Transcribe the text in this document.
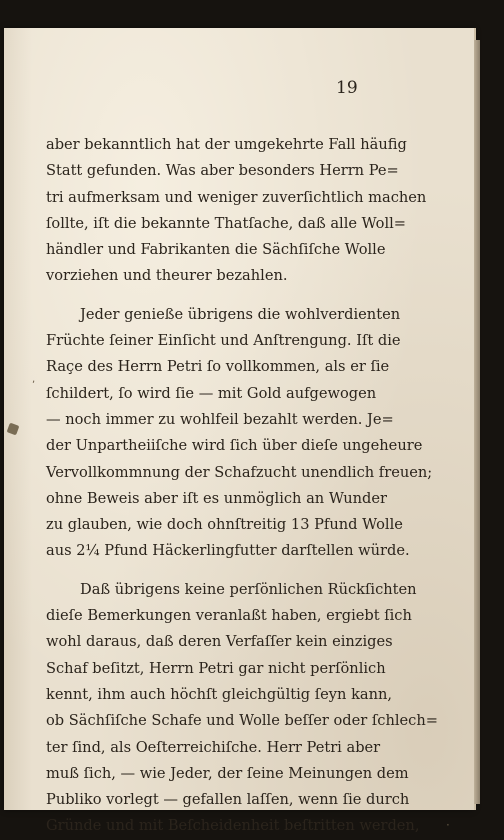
19

aber bekanntlich hat der umgekehrte Fall häufig
Statt gefunden. Was aber besonders Herrn Pe=
tri aufmerksam und weniger zuverſichtlich machen
ſollte, iſt die bekannte Thatſache, daß alle Woll=
händler und Fabrikanten die Sächſiſche Wolle
vorziehen und theurer bezahlen.

Jeder genieße übrigens die wohlverdienten
Früchte ſeiner Einſicht und Anſtrengung. Iſt die
Raçe des Herrn Petri ſo vollkommen, als er ſie
ſchildert, ſo wird ſie — mit Gold aufgewogen
— noch immer zu wohlfeil bezahlt werden. Je=
der Unpartheiiſche wird ſich über dieſe ungeheure
Vervollkommnung der Schafzucht unendlich freuen;
ohne Beweis aber iſt es unmöglich an Wunder
zu glauben, wie doch ohnſtreitig 13 Pfund Wolle
aus 2¼ Pfund Häckerlingfutter darſtellen würde.

Daß übrigens keine perſönlichen Rückſichten
dieſe Bemerkungen veranlaßt haben, ergiebt ſich
wohl daraus, daß deren Verfaſſer kein einziges
Schaf beſitzt, Herrn Petri gar nicht perſönlich
kennt, ihm auch höchſt gleichgültig ſeyn kann,
ob Sächſiſche Schafe und Wolle beſſer oder ſchlech=
ter ſind, als Oeſterreichiſche. Herr Petri aber
muß ſich, — wie Jeder, der ſeine Meinungen dem
Publiko vorlegt — gefallen laſſen, wenn ſie durch
Gründe und mit Beſcheidenheit beſtritten werden,

,
·
